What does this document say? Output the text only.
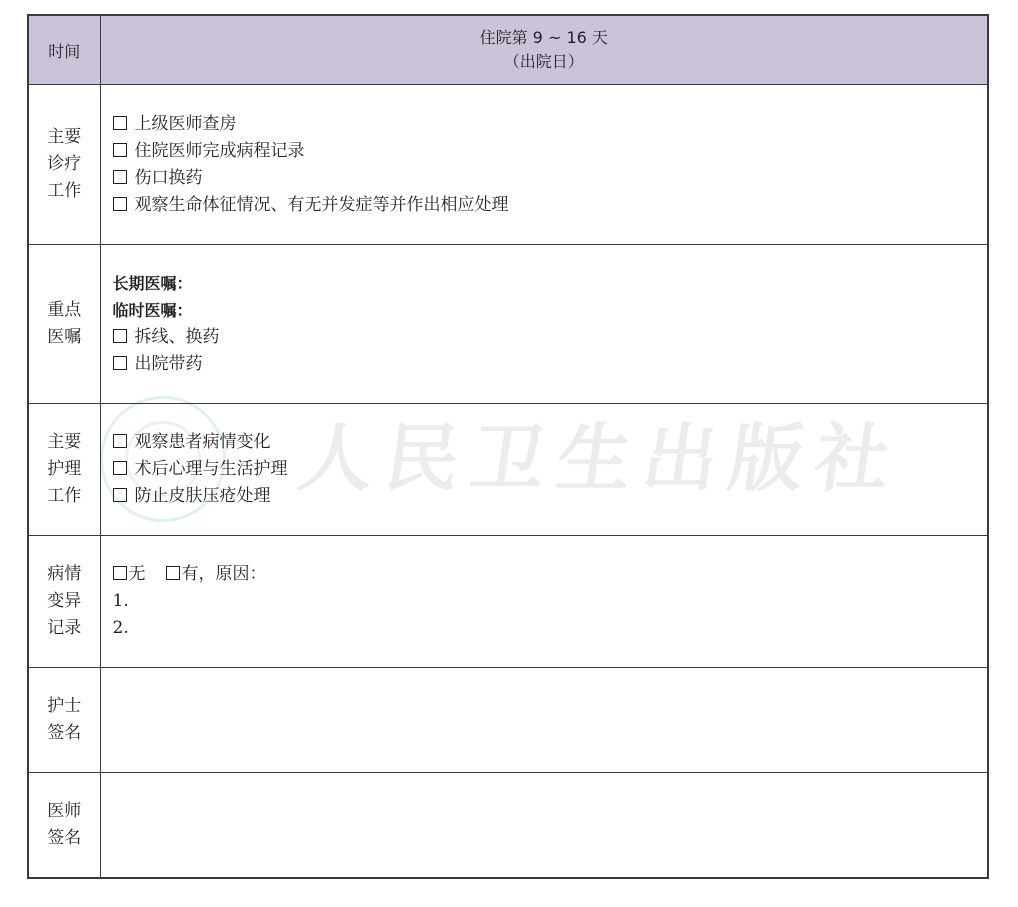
人民卫生出版社
时间	住院第 9 ~ 16 天
（出院日）

主要
诊疗
工作	上级医师查房
住院医师完成病程记录
伤口换药
观察生命体征情况、有无并发症等并作出相应处理

重点
医嘱	长期医嘱：
临时医嘱：
拆线、换药
出院带药

主要
护理
工作	观察患者病情变化
术后心理与生活护理
防止皮肤压疮处理

病情
变异
记录	无 有，原因：
1.
2.

护士
签名	

医师
签名	
